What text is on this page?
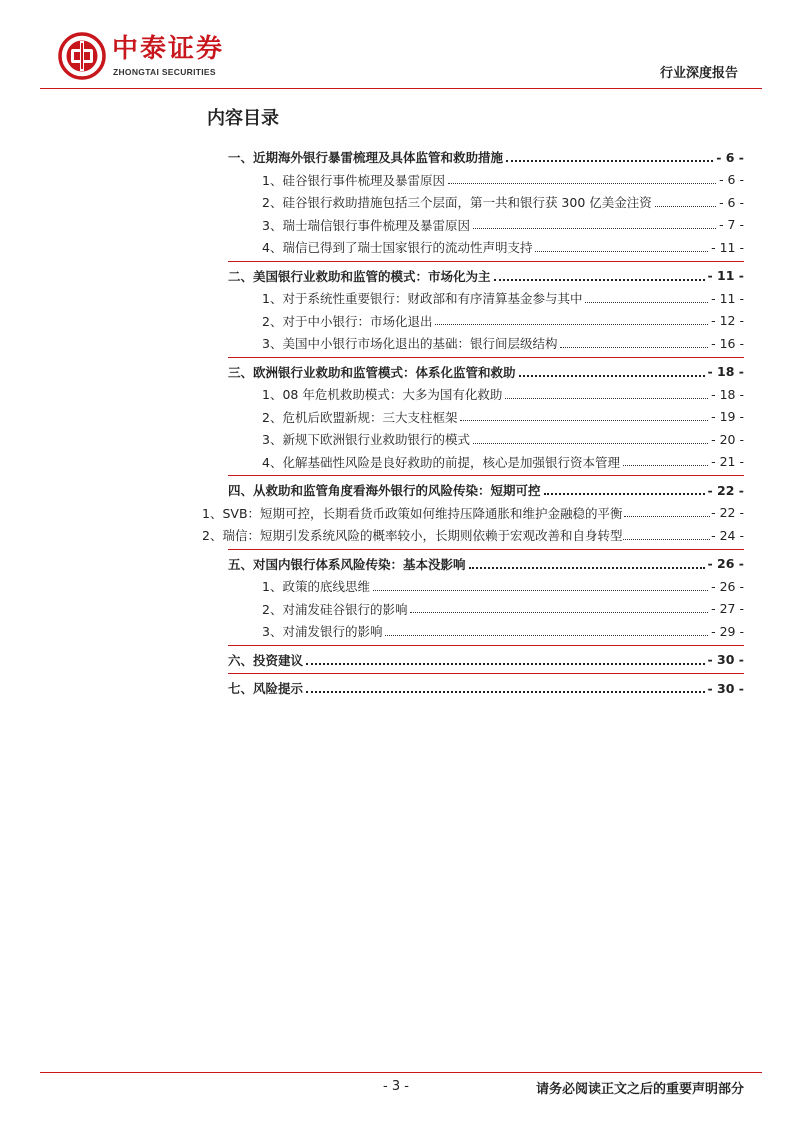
中泰证券
ZHONGTAI SECURITIES	行业深度报告
内容目录
一、近期海外银行暴雷梳理及具体监管和救助措施	- 6 -
1、硅谷银行事件梳理及暴雷原因	- 6 -
2、硅谷银行救助措施包括三个层面，第一共和银行获 300 亿美金注资	- 6 -
3、瑞士瑞信银行事件梳理及暴雷原因	- 7 -
4、瑞信已得到了瑞士国家银行的流动性声明支持	- 11 -
二、美国银行业救助和监管的模式：市场化为主	- 11 -
1、对于系统性重要银行：财政部和有序清算基金参与其中	- 11 -
2、对于中小银行：市场化退出	- 12 -
3、美国中小银行市场化退出的基础：银行间层级结构	- 16 -
三、欧洲银行业救助和监管模式：体系化监管和救助	- 18 -
1、08 年危机救助模式：大多为国有化救助	- 18 -
2、危机后欧盟新规：三大支柱框架	- 19 -
3、新规下欧洲银行业救助银行的模式	- 20 -
4、化解基础性风险是良好救助的前提，核心是加强银行资本管理	- 21 -
四、从救助和监管角度看海外银行的风险传染：短期可控	- 22 -
1、SVB：短期可控，长期看货币政策如何维持压降通胀和维护金融稳的平衡	- 22 -
2、瑞信：短期引发系统风险的概率较小，长期则依赖于宏观改善和自身转型	- 24 -
五、对国内银行体系风险传染：基本没影响	- 26 -
1、政策的底线思维	- 26 -
2、对浦发硅谷银行的影响	- 27 -
3、对浦发银行的影响	- 29 -
六、投资建议	- 30 -
七、风险提示	- 30 -
- 3 -	请务必阅读正文之后的重要声明部分
